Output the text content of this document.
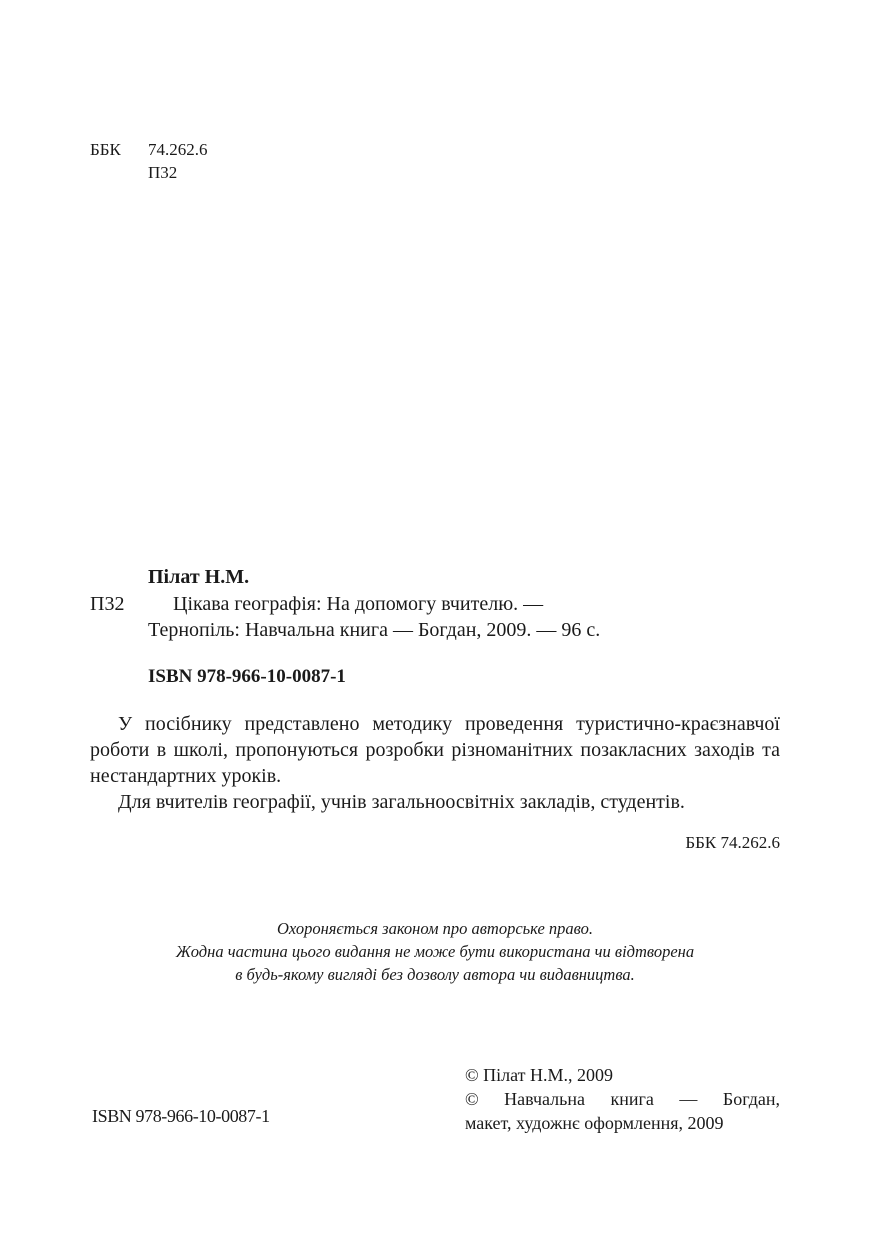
ББК 74.262.6
П32
Пілат Н.М.
П32 Цікава географія: На допомогу вчителю. —
Тернопіль: Навчальна книга — Богдан, 2009. — 96 с.
ISBN 978-966-10-0087-1

У посібнику представлено методику проведення туристично-краєзнавчої роботи в школі, пропонуються розробки різноманітних позакласних заходів та нестандартних уроків.

Для вчителів географії, учнів загальноосвітніх закладів, студентів.

ББК 74.262.6
Охороняється законом про авторське право.
Жодна частина цього видання не може бути використана чи відтворена
в будь-якому вигляді без дозволу автора чи видавництва.
ISBN 978-966-10-0087-1
© Пілат Н.М., 2009
© Навчальна книга — Богдан,
макет, художнє оформлення, 2009
